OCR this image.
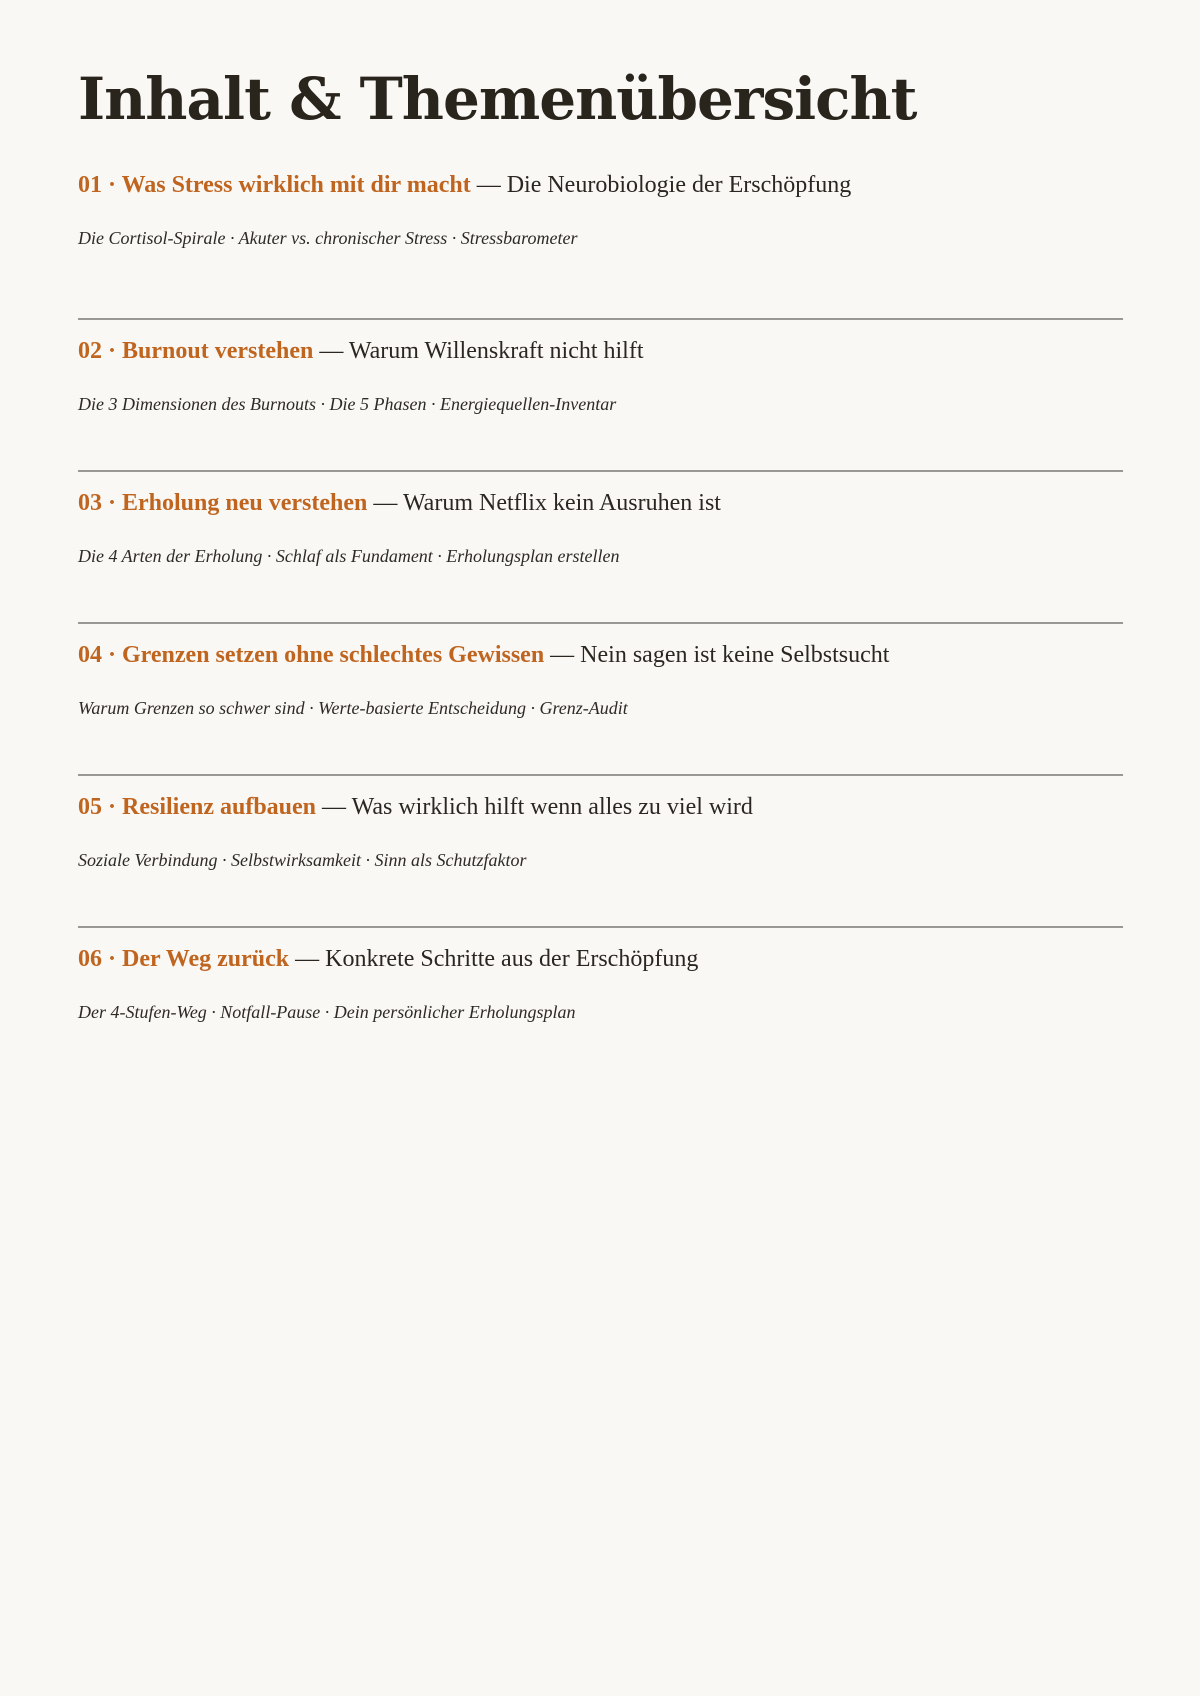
Inhalt & Themenübersicht
01 · Was Stress wirklich mit dir macht — Die Neurobiologie der Erschöpfung
Die Cortisol-Spirale · Akuter vs. chronischer Stress · Stressbarometer
02 · Burnout verstehen — Warum Willenskraft nicht hilft
Die 3 Dimensionen des Burnouts · Die 5 Phasen · Energiequellen-Inventar
03 · Erholung neu verstehen — Warum Netflix kein Ausruhen ist
Die 4 Arten der Erholung · Schlaf als Fundament · Erholungsplan erstellen
04 · Grenzen setzen ohne schlechtes Gewissen — Nein sagen ist keine Selbstsucht
Warum Grenzen so schwer sind · Werte-basierte Entscheidung · Grenz-Audit
05 · Resilienz aufbauen — Was wirklich hilft wenn alles zu viel wird
Soziale Verbindung · Selbstwirksamkeit · Sinn als Schutzfaktor
06 · Der Weg zurück — Konkrete Schritte aus der Erschöpfung
Der 4-Stufen-Weg · Notfall-Pause · Dein persönlicher Erholungsplan
